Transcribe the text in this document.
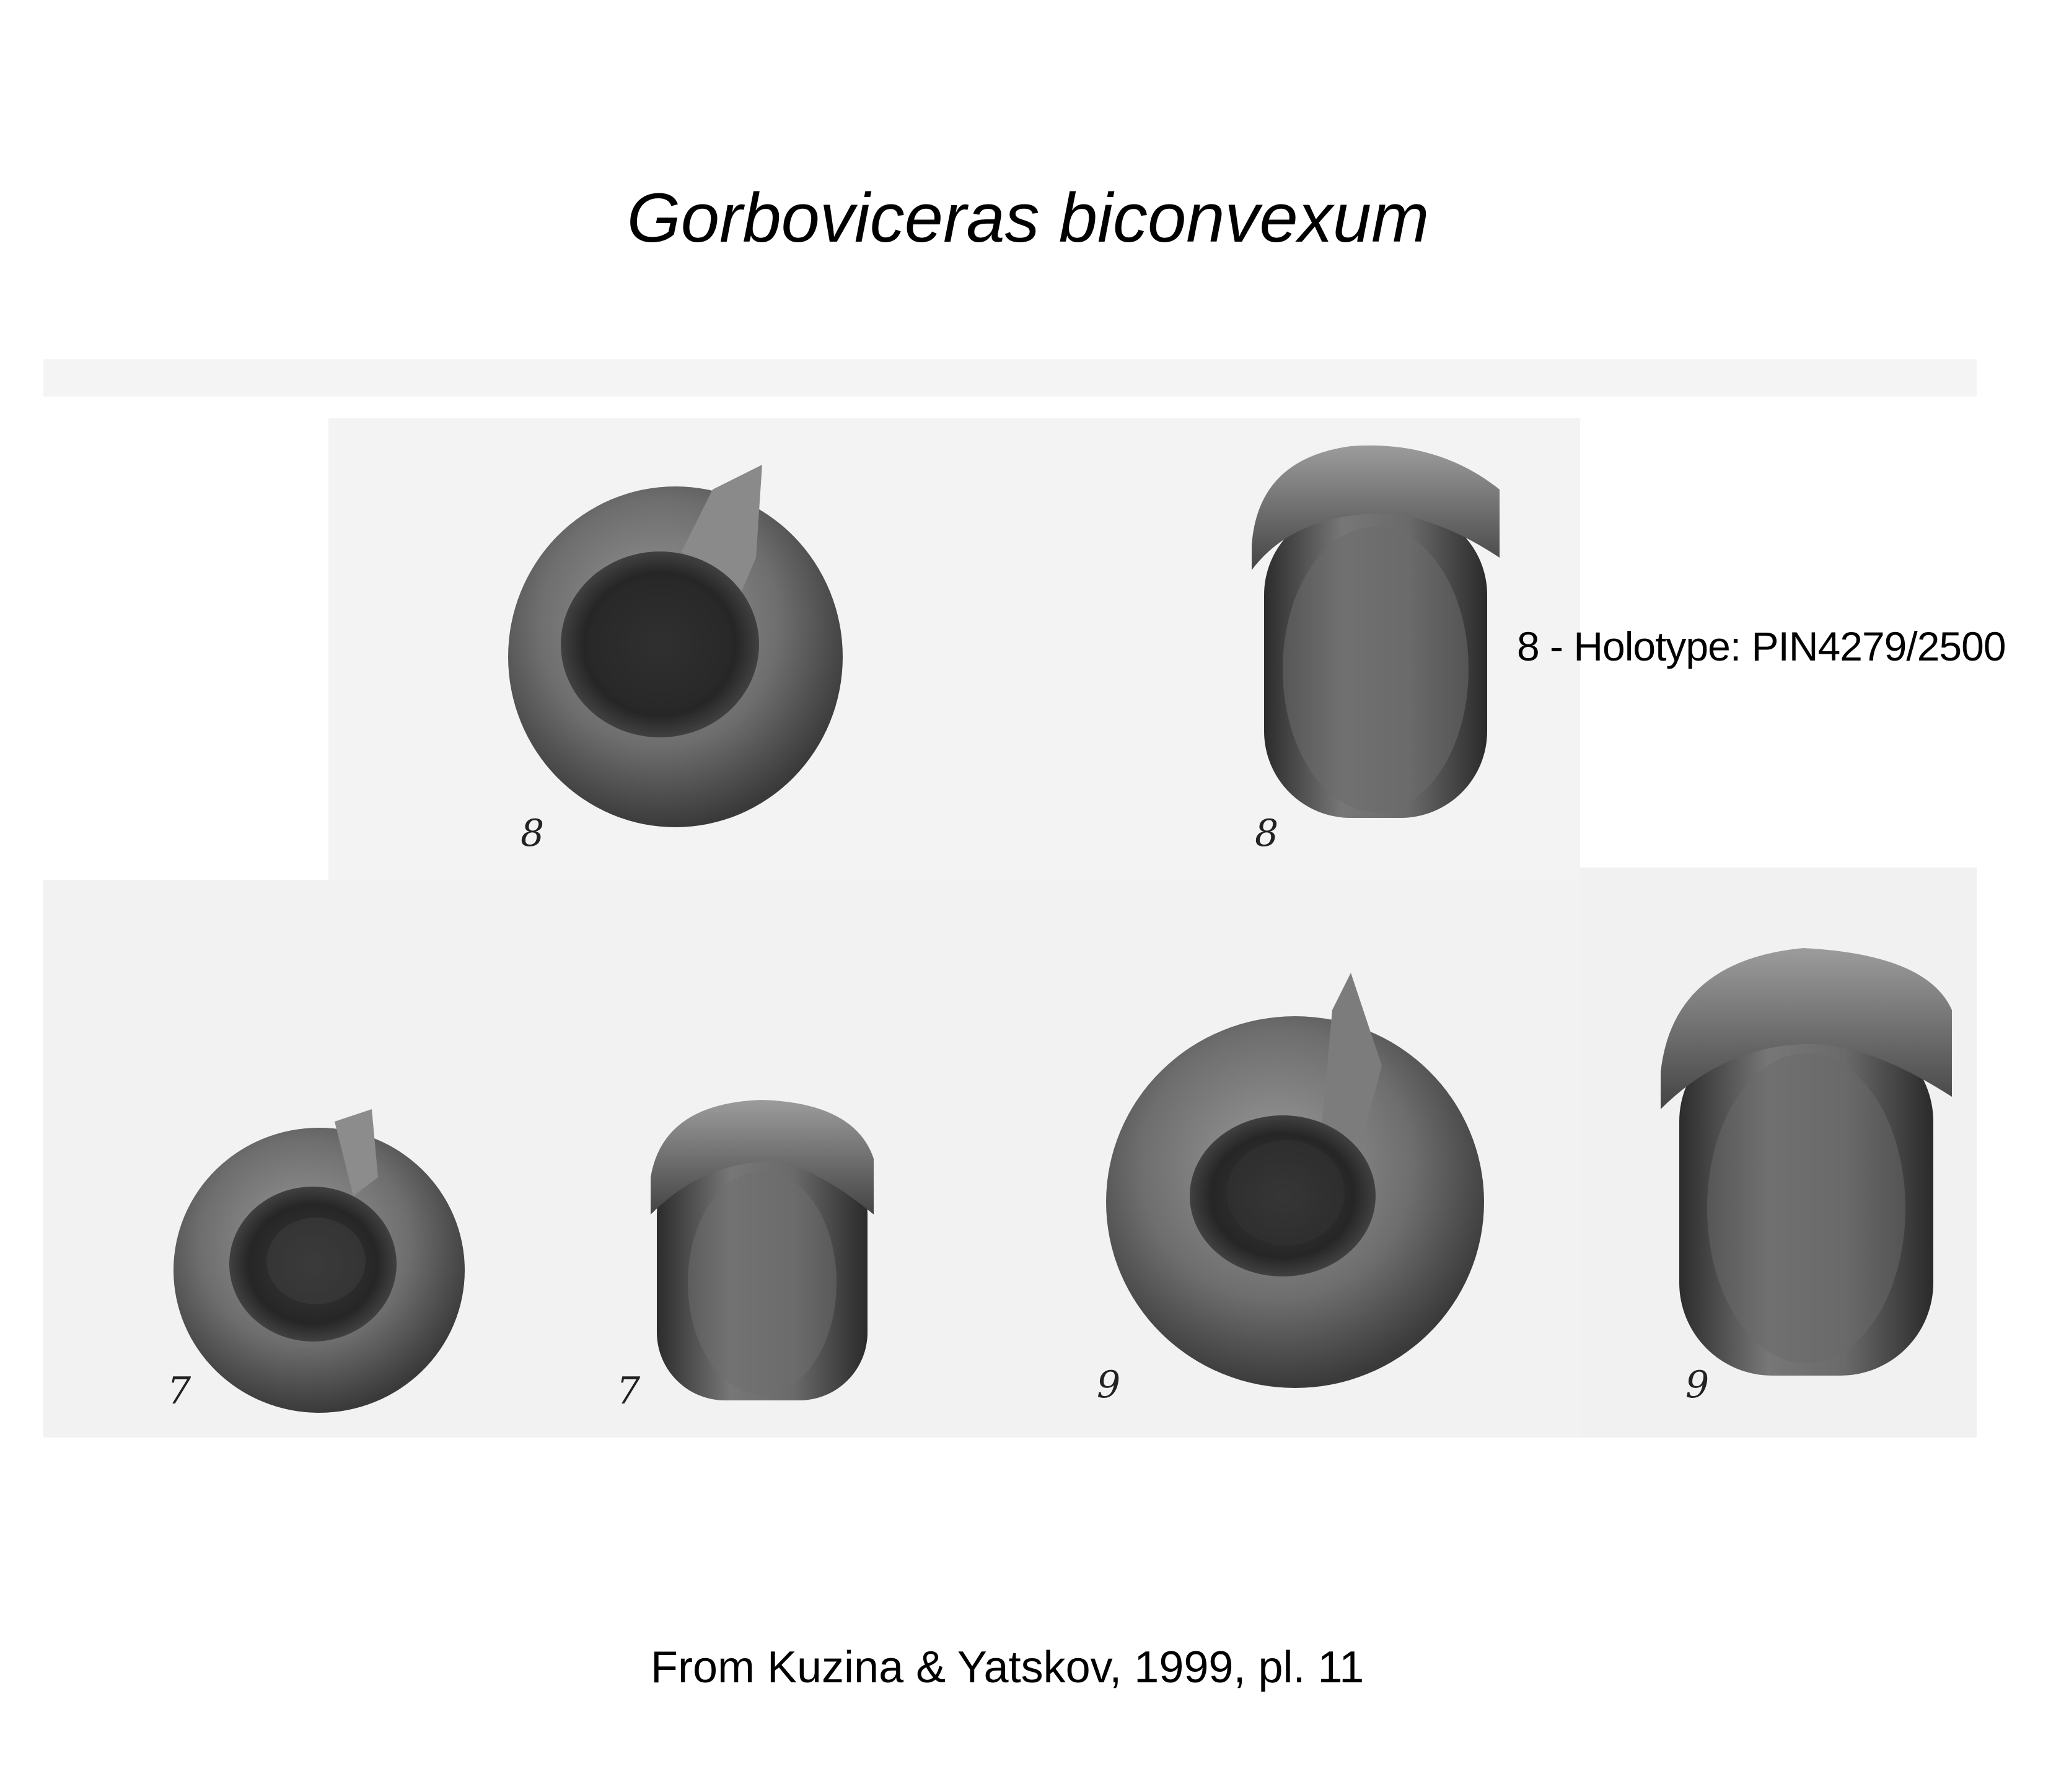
Gorboviceras biconvexum
8	8
8 - Holotype: PIN4279/2500
7	7	9	9
From Kuzina & Yatskov, 1999, pl. 11
